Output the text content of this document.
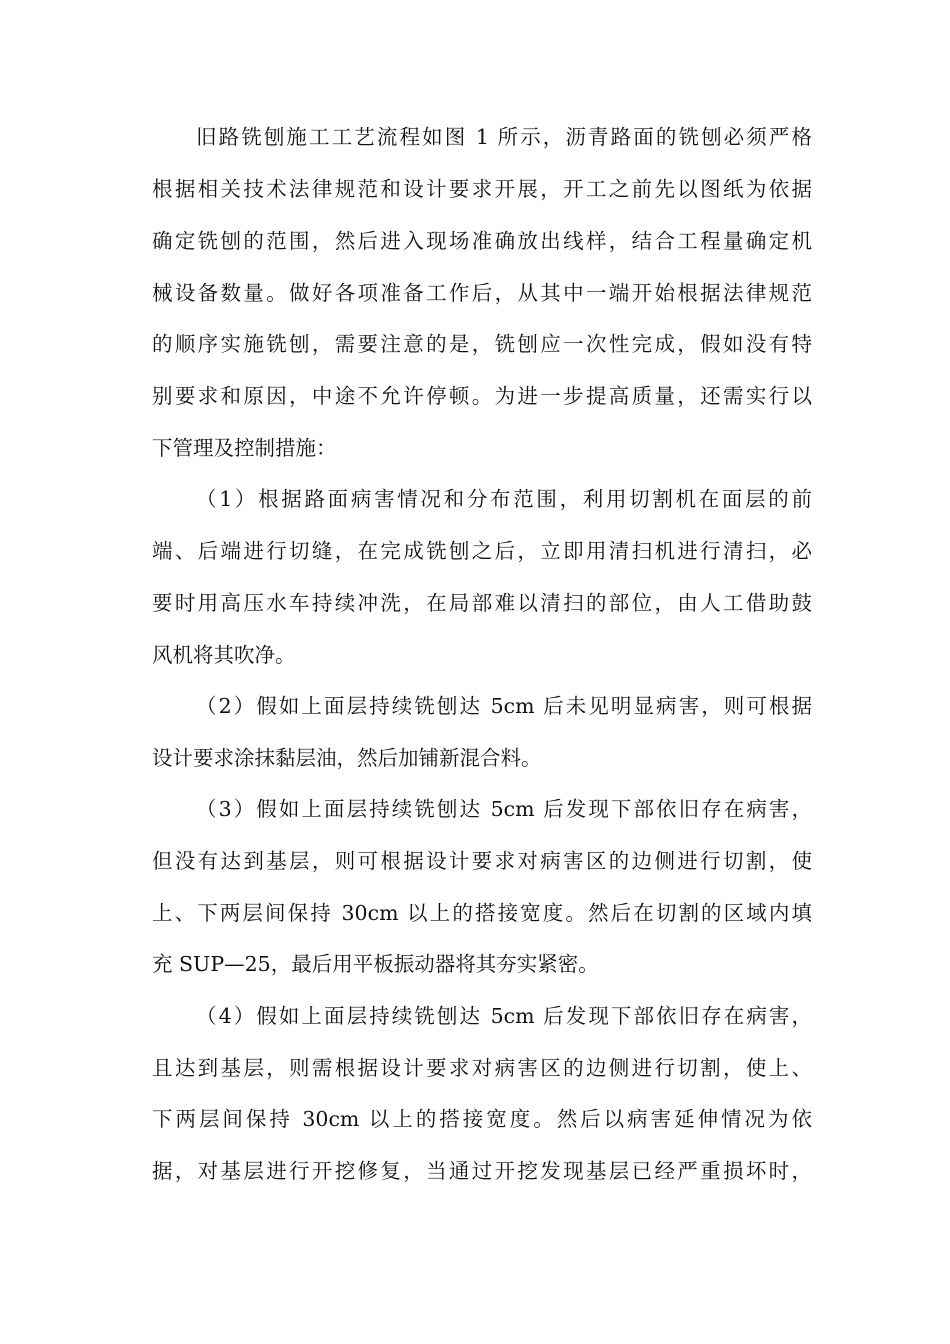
旧路铣刨施工工艺流程如图 1 所示，沥青路面的铣刨必须严格
根据相关技术法律规范和设计要求开展，开工之前先以图纸为依据
确定铣刨的范围，然后进入现场准确放出线样，结合工程量确定机
械设备数量。做好各项准备工作后，从其中一端开始根据法律规范
的顺序实施铣刨，需要注意的是，铣刨应一次性完成，假如没有特
别要求和原因，中途不允许停顿。为进一步提高质量，还需实行以
下管理及控制措施：
（1）根据路面病害情况和分布范围，利用切割机在面层的前
端、后端进行切缝，在完成铣刨之后，立即用清扫机进行清扫，必
要时用高压水车持续冲洗，在局部难以清扫的部位，由人工借助鼓
风机将其吹净。
（2）假如上面层持续铣刨达 5cm 后未见明显病害，则可根据
设计要求涂抹黏层油，然后加铺新混合料。
（3）假如上面层持续铣刨达 5cm 后发现下部依旧存在病害，
但没有达到基层，则可根据设计要求对病害区的边侧进行切割，使
上、下两层间保持 30cm 以上的搭接宽度。然后在切割的区域内填
充 SUP—25，最后用平板振动器将其夯实紧密。
（4）假如上面层持续铣刨达 5cm 后发现下部依旧存在病害，
且达到基层，则需根据设计要求对病害区的边侧进行切割，使上、
下两层间保持 30cm 以上的搭接宽度。然后以病害延伸情况为依
据，对基层进行开挖修复，当通过开挖发现基层已经严重损坏时，
